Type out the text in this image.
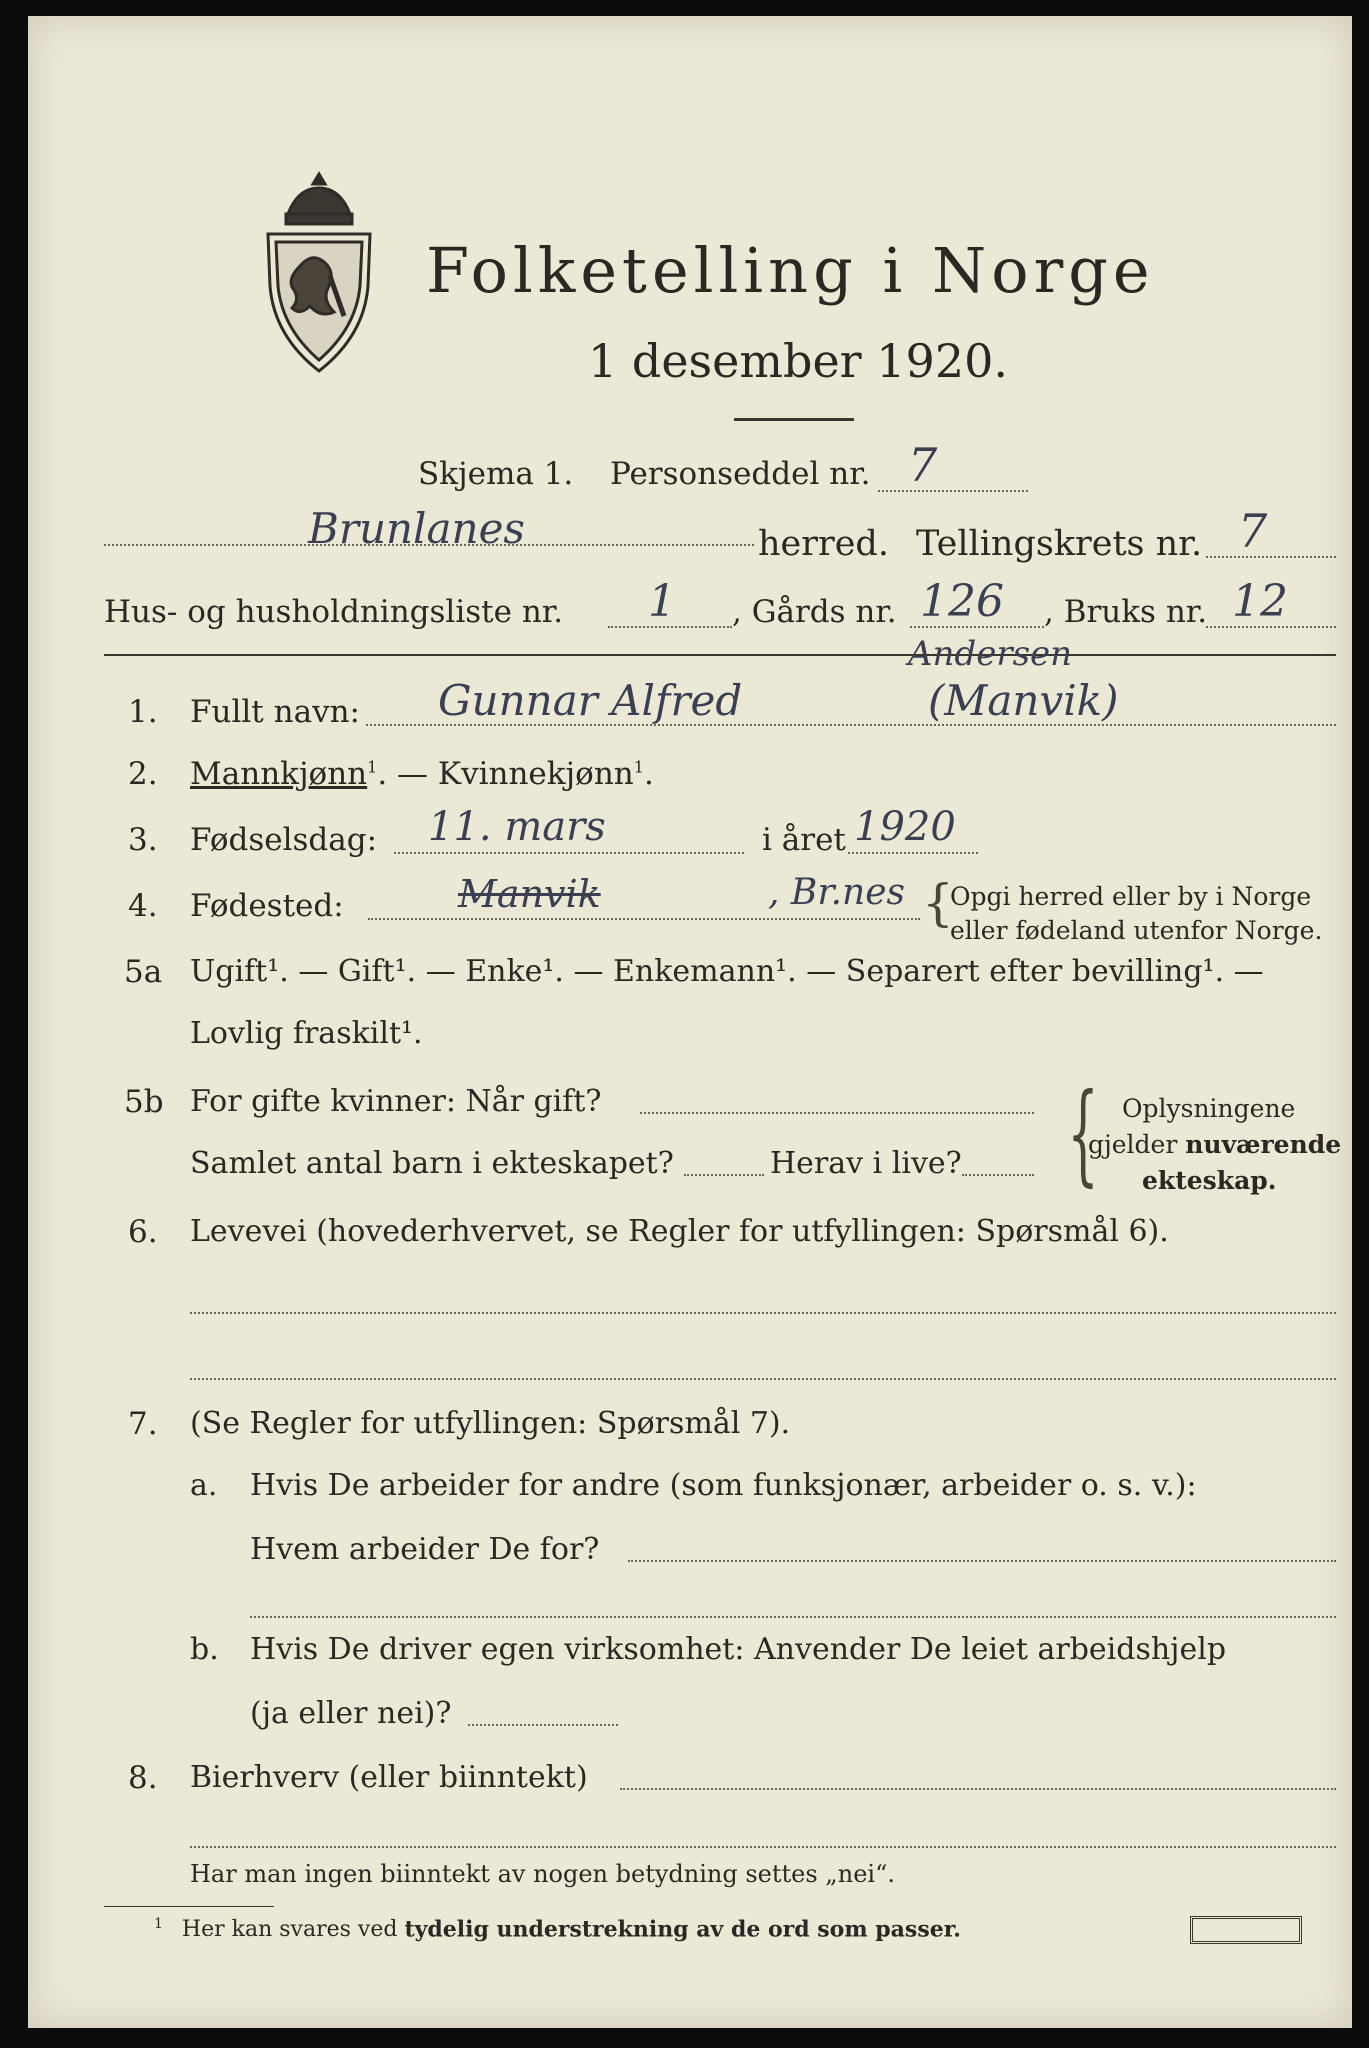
Folketelling i Norge
1 desember 1920.
Skjema 1. Personseddel nr. 7
Brunlanes	herred. Tellingskrets nr. 7
Hus- og husholdningsliste nr. 1 , Gårds nr. 126 , Bruks nr. 12
1. Fullt navn: Gunnar Alfred	(Manvik)
Andersen
2. Mannkjønn$^1$. — Kvinnekjønn$^1$.
3. Fødselsdag: 11. mars	i året 1920
4. Fødested:	Manvik	, Br.nes {
Opgi herred eller by i Norge
eller fødeland utenfor Norge.
5a Ugift¹. — Gift¹. — Enke¹. — Enkemann¹. — Separert efter bevilling¹. —
Lovlig fraskilt¹.
5b For gifte kvinner: Når gift?
Samlet antal barn i ekteskapet?	Herav i live? { Oplysningene
gjelder nuværende
ekteskap.
6. Levevei (hovederhvervet, se Regler for utfyllingen: Spørsmål 6).
7. (Se Regler for utfyllingen: Spørsmål 7).
a. Hvis De arbeider for andre (som funksjonær, arbeider o. s. v.):
Hvem arbeider De for?
b. Hvis De driver egen virksomhet: Anvender De leiet arbeidshjelp
(ja eller nei)?
8. Bierhverv (eller biinntekt)
Har man ingen biinntekt av nogen betydning settes „nei“.
$^1$ Her kan svares ved tydelig understrekning av de ord som passer.
